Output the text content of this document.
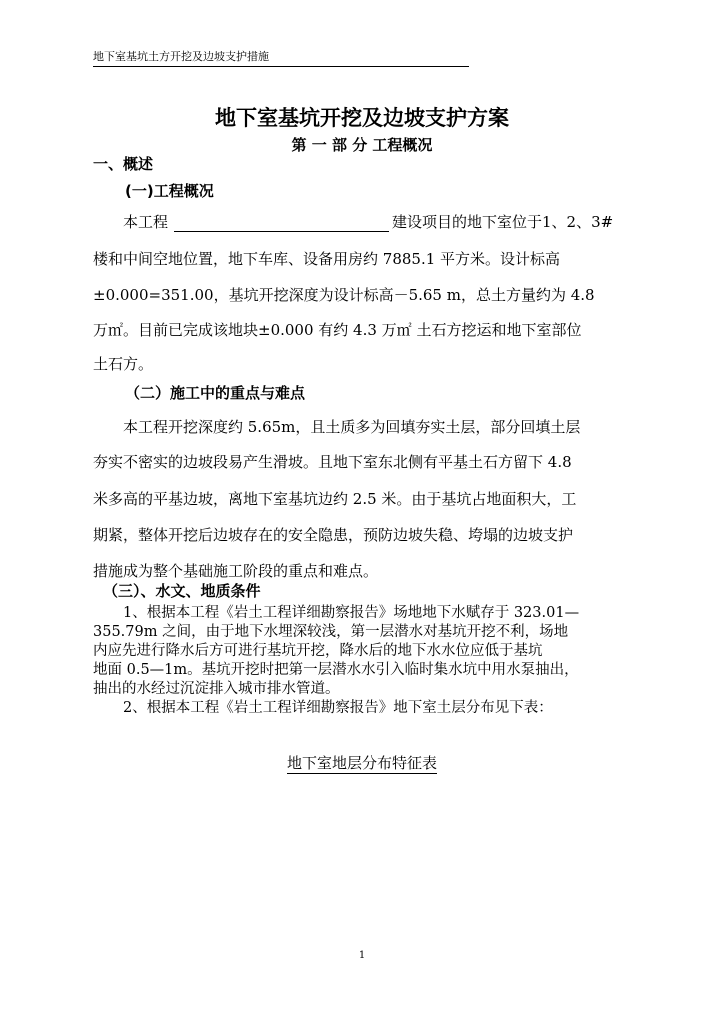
地下室基坑土方开挖及边坡支护措施
地下室基坑开挖及边坡支护方案
第 一 部 分 工程概况
一、概述
(一)工程概况
本工程	建设项目的地下室位于1、2、3#
楼和中间空地位置，地下车库、设备用房约 7885.1 平方米。设计标高
±0.000=351.00，基坑开挖深度为设计标高－5.65 m，总土方量约为 4.8
万㎡。目前已完成该地块±0.000 有约 4.3 万㎡ 土石方挖运和地下室部位
土石方。
（二）施工中的重点与难点
本工程开挖深度约 5.65m，且土质多为回填夯实土层，部分回填土层
夯实不密实的边坡段易产生滑坡。且地下室东北侧有平基土石方留下 4.8
米多高的平基边坡，离地下室基坑边约 2.5 米。由于基坑占地面积大，工
期紧，整体开挖后边坡存在的安全隐患，预防边坡失稳、垮塌的边坡支护
措施成为整个基础施工阶段的重点和难点。
（三）、水文、地质条件
1、根据本工程《岩土工程详细勘察报告》场地地下水赋存于 323.01—
355.79m 之间，由于地下水埋深较浅，第一层潜水对基坑开挖不利，场地
内应先进行降水后方可进行基坑开挖，降水后的地下水水位应低于基坑
地面 0.5—1m。基坑开挖时把第一层潜水水引入临时集水坑中用水泵抽出，
抽出的水经过沉淀排入城市排水管道。
2、根据本工程《岩土工程详细勘察报告》地下室土层分布见下表：
地下室地层分布特征表
1
